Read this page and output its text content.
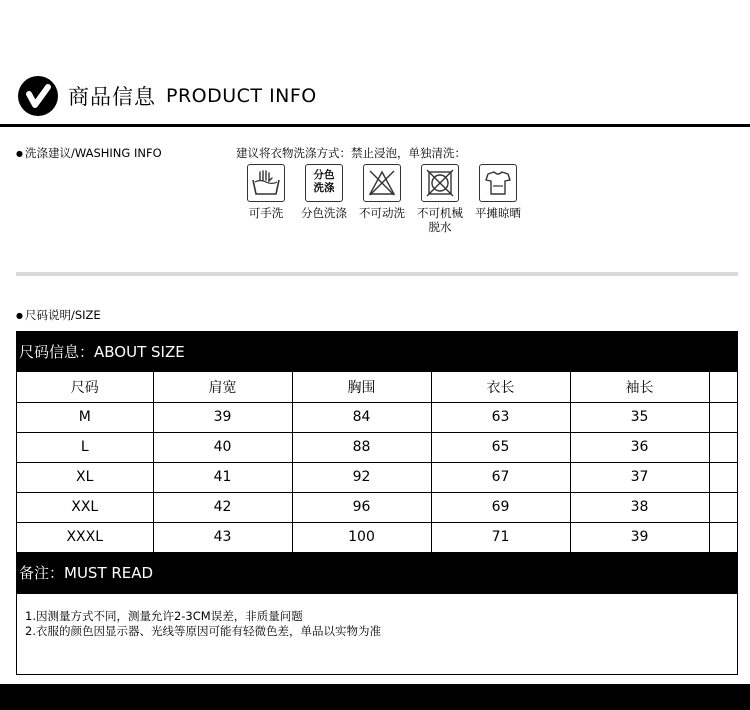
商品信息 PRODUCT INFO
● 洗涤建议/WASHING INFO	建议将衣物洗涤方式：禁止浸泡，单独清洗：
可手洗
分色
洗涤
分色洗涤	不可动洗	不可机械
脱水
平摊晾晒
● 尺码说明/SIZE
尺码信息：ABOUT SIZE
尺码	肩宽	胸围	衣长	袖长	
M	39	84	63	35	
L	40	88	65	36	
XL	41	92	67	37	
XXL	42	96	69	38	
XXXL	43	100	71	39	
备注：MUST READ
1.因测量方式不同，测量允许2-3CM误差，非质量问题
2.衣服的颜色因显示器、光线等原因可能有轻微色差，单品以实物为准
